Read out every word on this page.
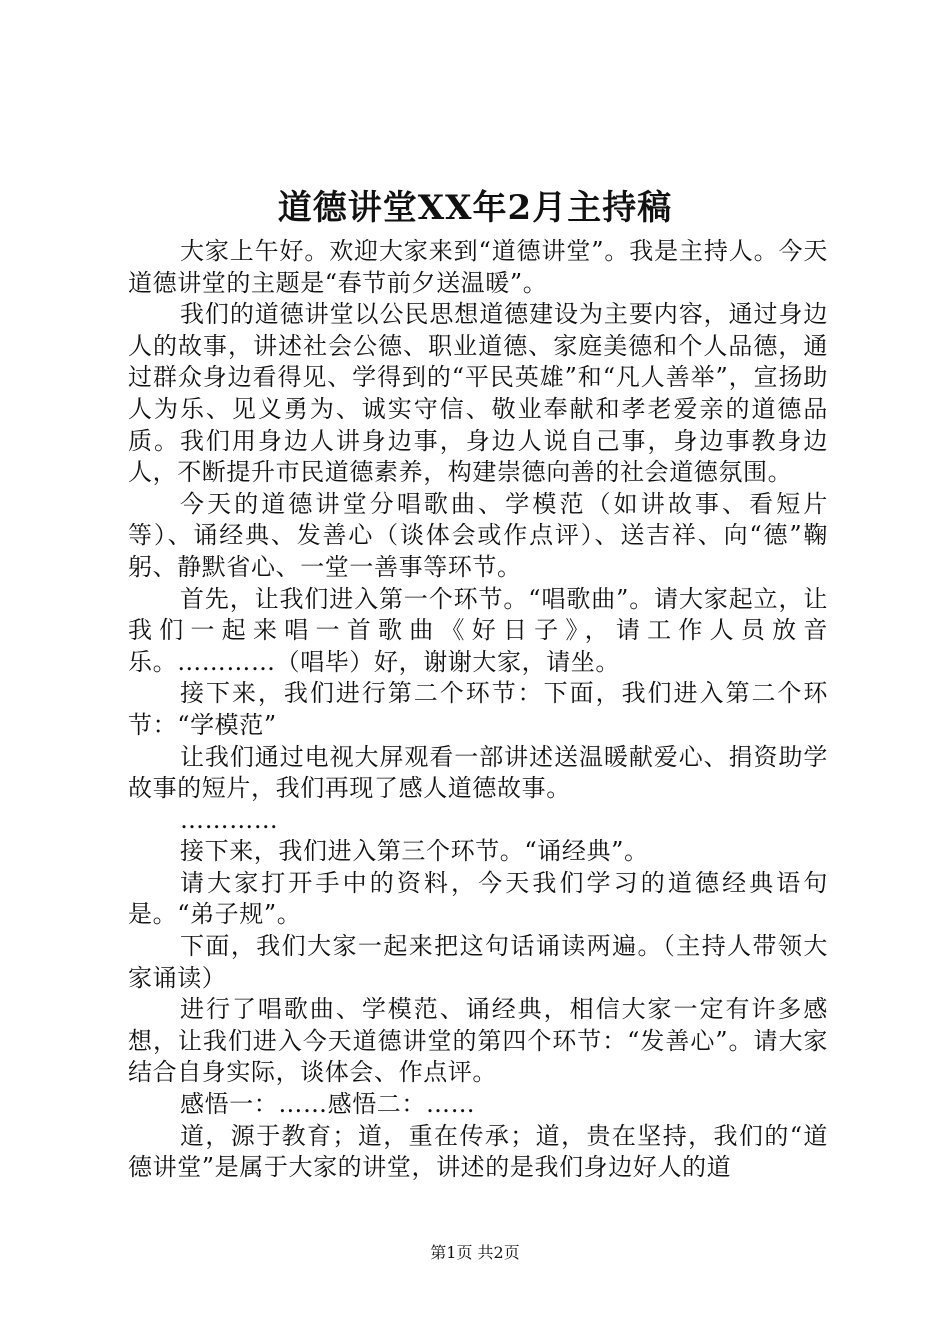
道德讲堂XX年2月主持稿

大家上午好。欢迎大家来到“道德讲堂”。我是主持人。今天道德讲堂的主题是“春节前夕送温暖”。

我们的道德讲堂以公民思想道德建设为主要内容，通过身边人的故事，讲述社会公德、职业道德、家庭美德和个人品德，通过群众身边看得见、学得到的“平民英雄”和“凡人善举”，宣扬助人为乐、见义勇为、诚实守信、敬业奉献和孝老爱亲的道德品质。我们用身边人讲身边事，身边人说自己事，身边事教身边人，不断提升市民道德素养，构建崇德向善的社会道德氛围。

今天的道德讲堂分唱歌曲、学模范（如讲故事、看短片等）、诵经典、发善心（谈体会或作点评）、送吉祥、向“德”鞠躬、静默省心、一堂一善事等环节。

首先，让我们进入第一个环节。“唱歌曲”。请大家起立，让我们一起来唱一首歌曲《好日子》，请工作人员放音乐。…………（唱毕）好，谢谢大家，请坐。

接下来，我们进行第二个环节：下面，我们进入第二个环节：“学模范”

让我们通过电视大屏观看一部讲述送温暖献爱心、捐资助学故事的短片，我们再现了感人道德故事。

…………

接下来，我们进入第三个环节。“诵经典”。

请大家打开手中的资料，今天我们学习的道德经典语句是。“弟子规”。

下面，我们大家一起来把这句话诵读两遍。（主持人带领大家诵读）

进行了唱歌曲、学模范、诵经典，相信大家一定有许多感想，让我们进入今天道德讲堂的第四个环节：“发善心”。请大家结合自身实际，谈体会、作点评。

感悟一：……感悟二：……

道，源于教育；道，重在传承；道，贵在坚持，我们的“道德讲堂”是属于大家的讲堂，讲述的是我们身边好人的道

第1页 共2页
